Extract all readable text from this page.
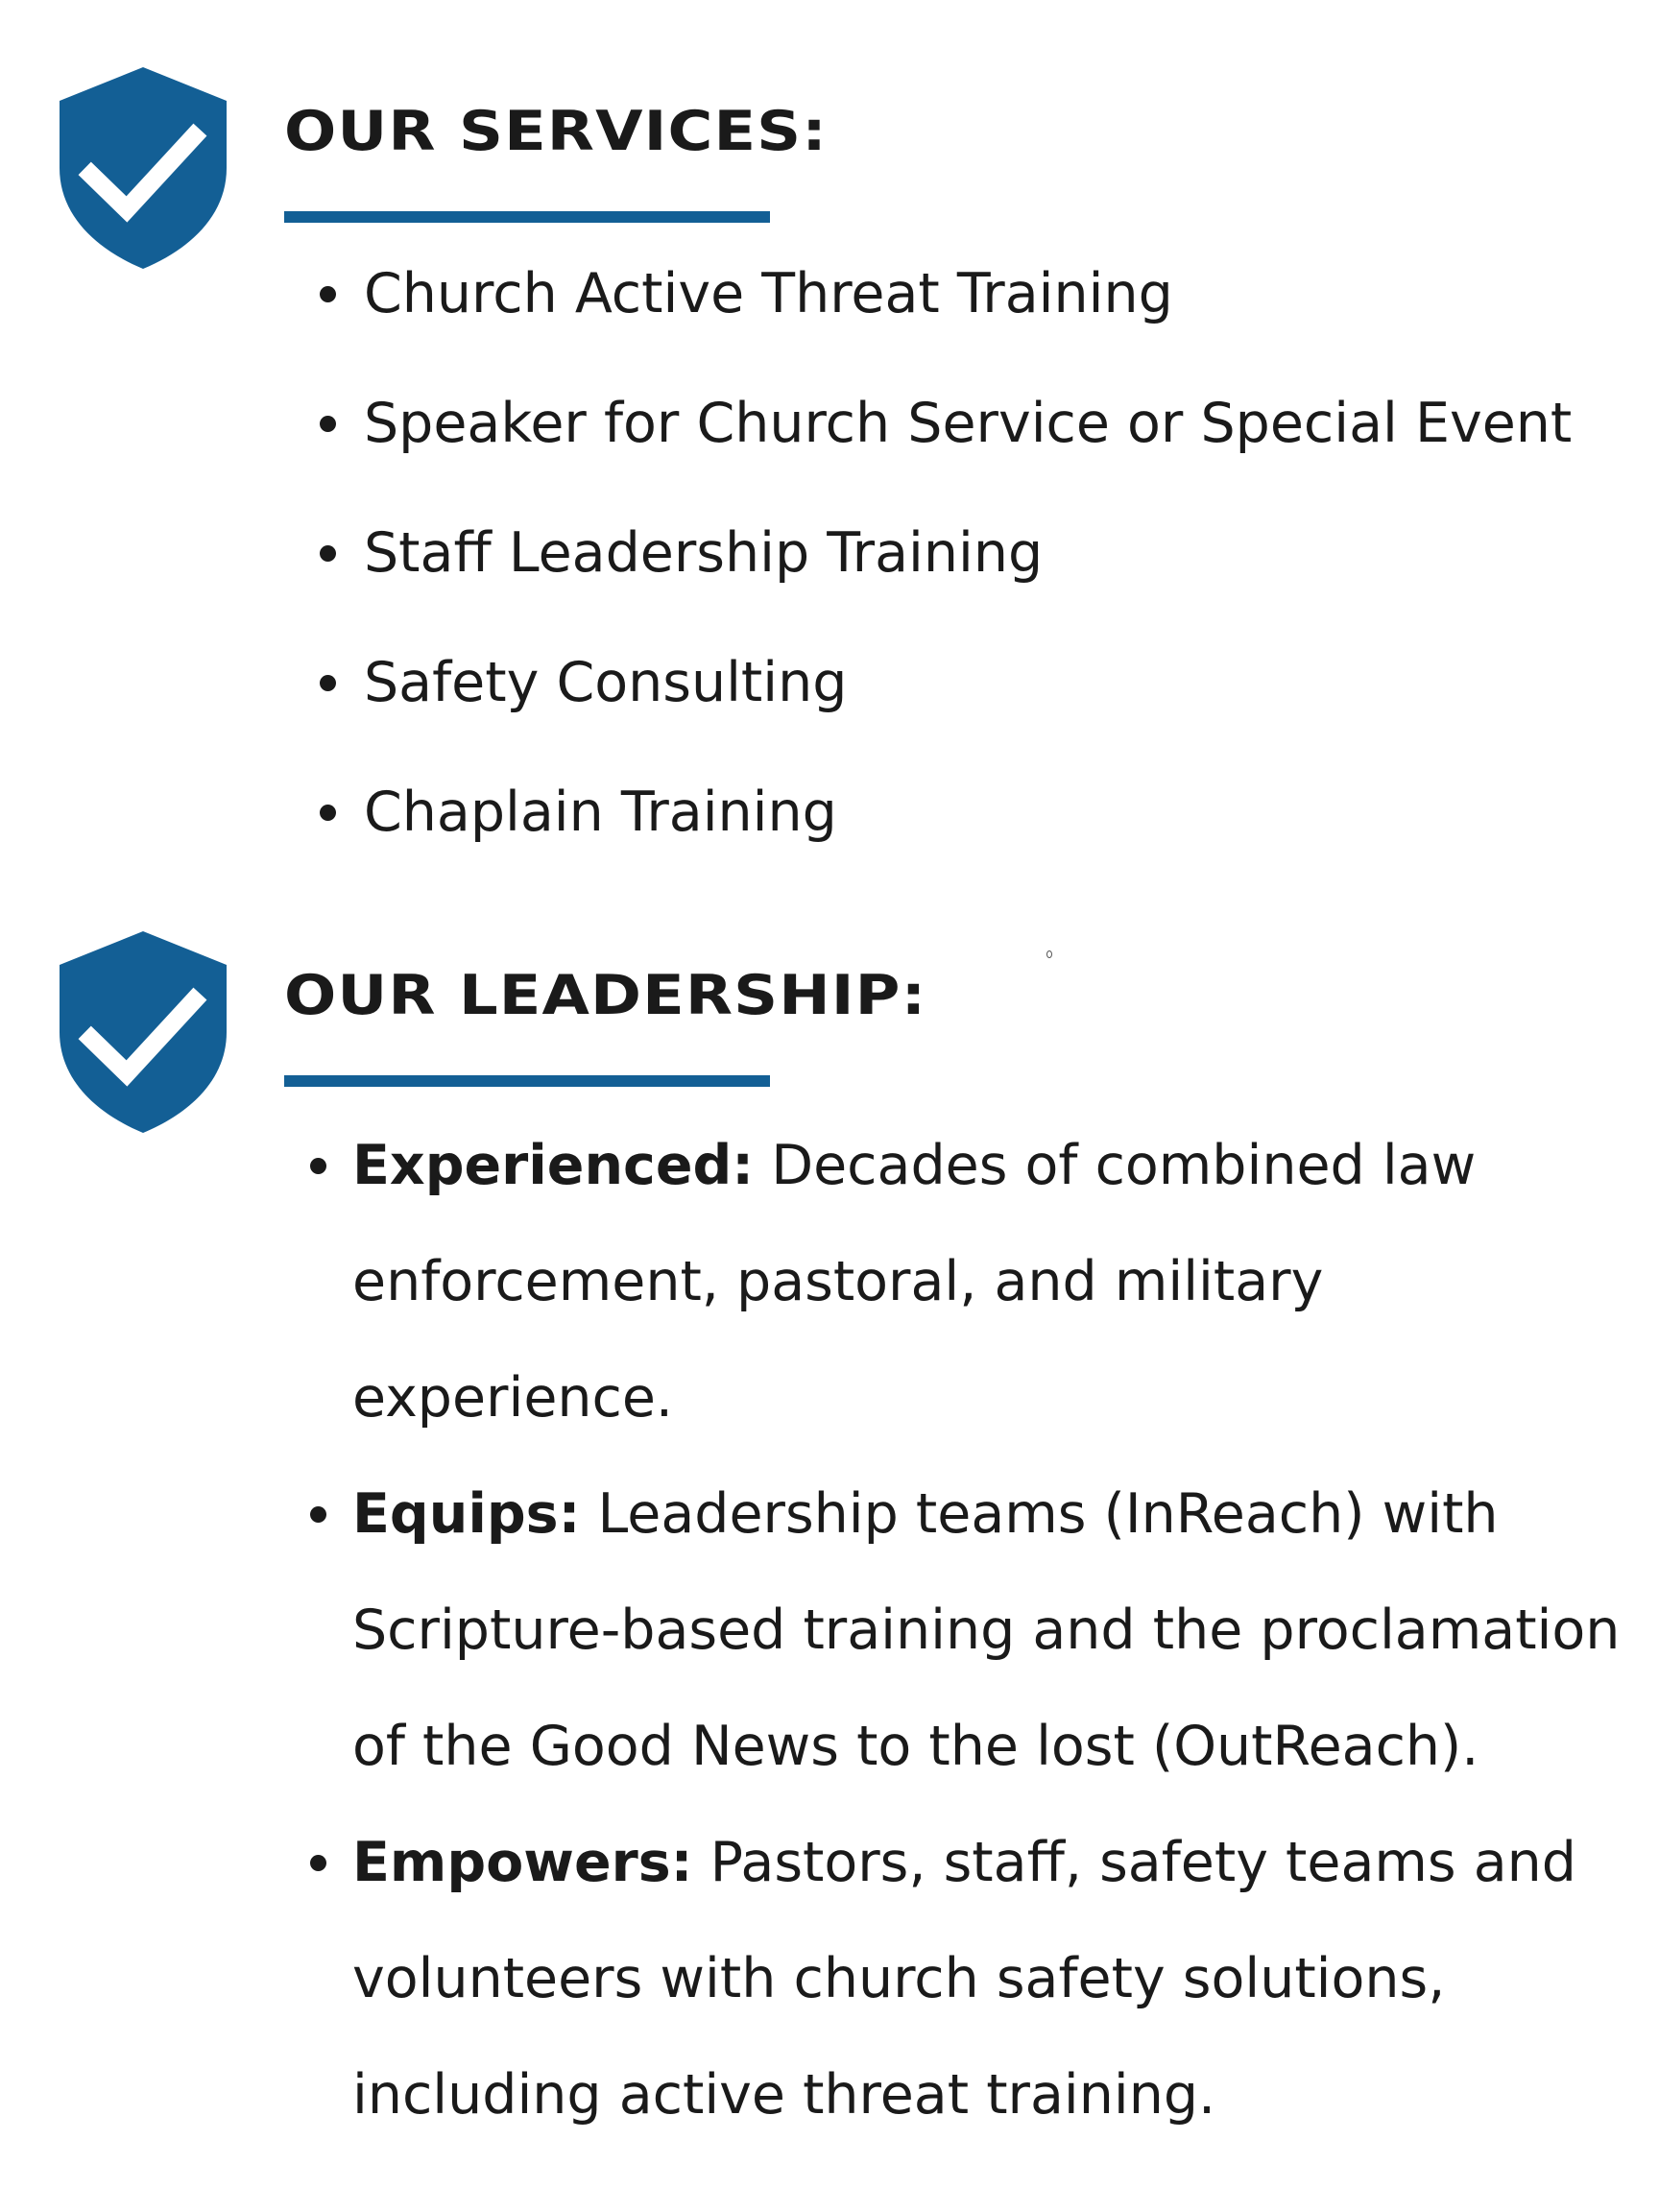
OUR SERVICES:
Church Active Threat Training
Speaker for Church Service or Special Event
Staff Leadership Training
Safety Consulting
Chaplain Training
OUR LEADERSHIP:
Experienced: Decades of combined law enforcement, pastoral, and military experience.
Equips: Leadership teams (InReach) with Scripture-based training and the proclamation of the Good News to the lost (OutReach).
Empowers: Pastors, staff, safety teams and volunteers with church safety solutions, including active threat training.
